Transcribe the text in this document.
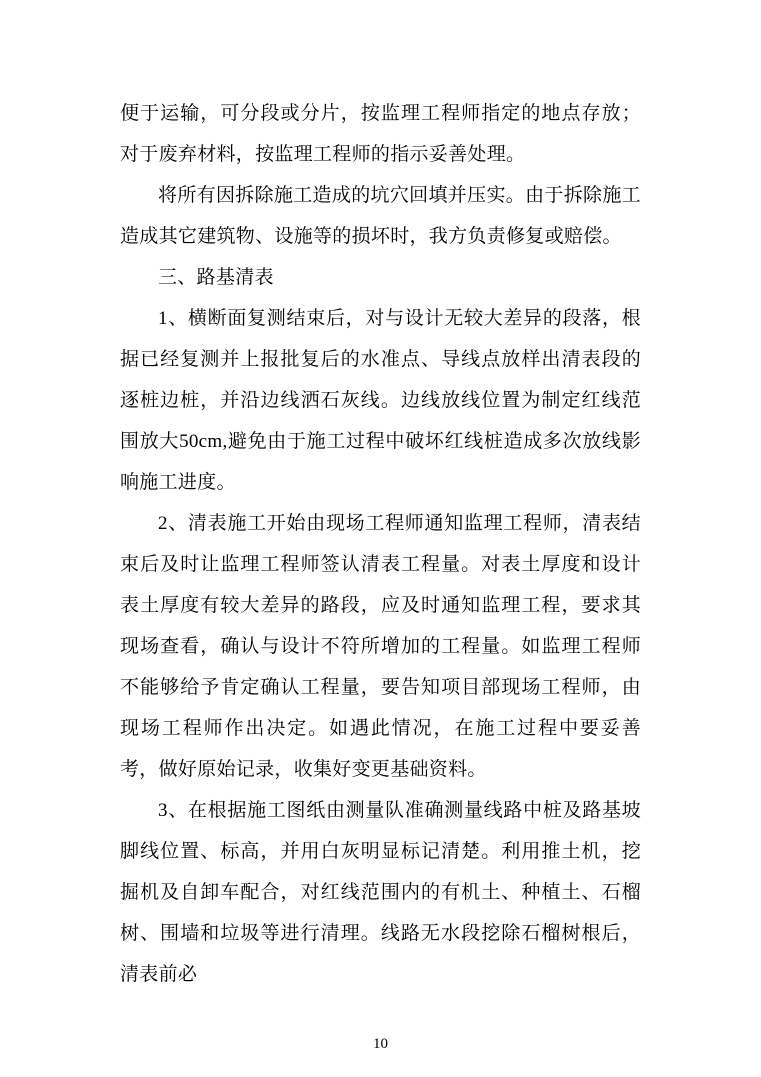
便于运输，可分段或分片，按监理工程师指定的地点存放；对于废弃材料，按监理工程师的指示妥善处理。

将所有因拆除施工造成的坑穴回填并压实。由于拆除施工造成其它建筑物、设施等的损坏时，我方负责修复或赔偿。

三、路基清表

1、横断面复测结束后，对与设计无较大差异的段落，根据已经复测并上报批复后的水准点、导线点放样出清表段的逐桩边桩，并沿边线洒石灰线。边线放线位置为制定红线范围放大50cm,避免由于施工过程中破坏红线桩造成多次放线影响施工进度。

2、清表施工开始由现场工程师通知监理工程师，清表结束后及时让监理工程师签认清表工程量。对表土厚度和设计表土厚度有较大差异的路段，应及时通知监理工程，要求其现场查看，确认与设计不符所增加的工程量。如监理工程师不能够给予肯定确认工程量，要告知项目部现场工程师，由现场工程师作出决定。如遇此情况，在施工过程中要妥善考，做好原始记录，收集好变更基础资料。

3、在根据施工图纸由测量队准确测量线路中桩及路基坡脚线位置、标高，并用白灰明显标记清楚。利用推土机，挖掘机及自卸车配合，对红线范围内的有机土、种植土、石榴树、围墙和垃圾等进行清理。线路无水段挖除石榴树根后，清表前必

10
